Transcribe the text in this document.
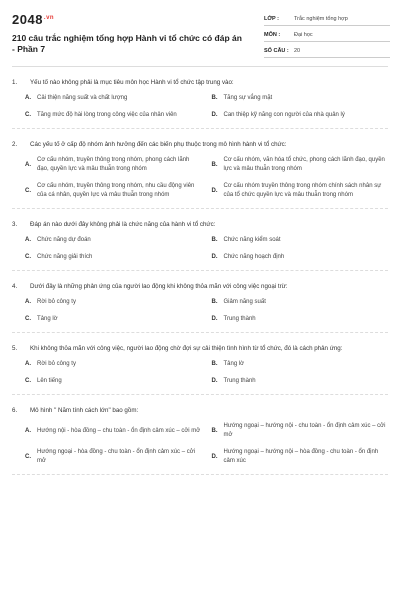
$2048^{.vn}$
210 câu trắc nghiệm tổng hợp Hành vi tổ chức có đáp án - Phần 7
LỚP :	Trắc nghiệm tổng hợp
MÔN :	Đại học
SỐ CÂU : 20
1.	Yếu tố nào không phải là mục tiêu môn học Hành vi tổ chức tập trung vào:
A.	Cải thiện năng suất và chất lượng	B.	Tăng sự vắng mặt
C.	Tăng mức độ hài lòng trong công việc của nhân viên	D.	Can thiệp kỹ năng con người của nhà quản lý
2.	Các yếu tố ở cấp độ nhóm ảnh hưởng đến các biến phụ thuộc trong mô hình hành vi tổ chức:
A.
Cơ cấu nhóm, truyền thông trong nhóm, phong cách lãnh đạo, quyền lực và mâu thuẫn trong nhóm
B.
Cơ cấu nhóm, văn hóa tổ chức, phong cách lãnh đạo, quyền lực và mâu thuẫn trong nhóm
C.
Cơ cấu nhóm, truyền thông trong nhóm, nhu cầu động viên của cá nhân, quyền lực và mâu thuẫn trong nhóm
D.
Cơ cấu nhóm truyền thông trong nhóm chính sách nhân sự của tổ chức quyền lực và mâu thuẫn trong nhóm
3.	Đáp án nào dưới đây không phải là chức năng của hành vi tổ chức:
A.	Chức năng dự đoán	B.	Chức năng kiểm soát
C.	Chức năng giải thích	D.	Chức năng hoạch định
4.	Dưới đây là những phản ứng của người lao động khi không thỏa mãn với công việc ngoại trừ:
A.	Rời bỏ công ty	B.	Giảm năng suất
C.	Tảng lờ	D.	Trung thành
5.	Khi không thỏa mãn với công việc, người lao động chờ đợi sự cải thiện tình hình từ tổ chức, đó là cách phản ứng:
A.	Rời bỏ công ty	B.	Tảng lờ
C.	Lên tiếng	D.	Trung thành
6.	Mô hình " Năm tính cách lớn" bao gồm:
A.	Hướng nội - hòa đồng – chu toàn - ổn định cảm xúc – cởi mở B.
Hướng ngoại – hướng nội - chu toàn - ổn định cảm xúc – cởi mở
C.
Hướng ngoại - hòa đồng - chu toàn - ổn định cảm xúc – cởi mở
D.
Hướng ngoại – hướng nội – hòa đồng - chu toàn - ổn định cảm xúc
